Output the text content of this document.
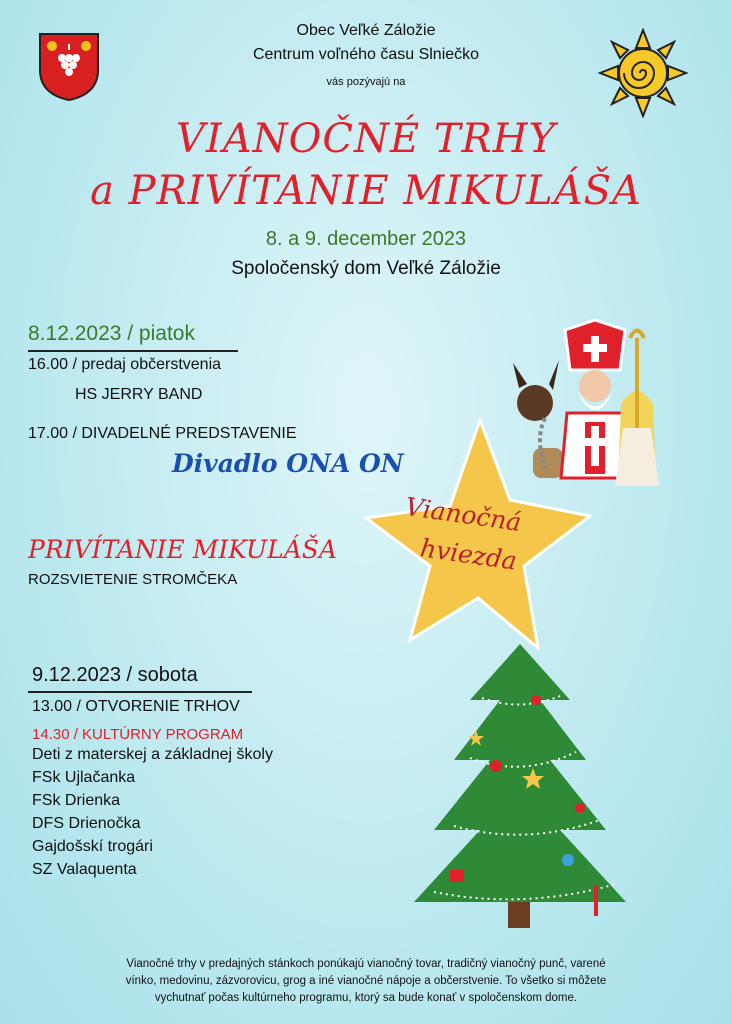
Obec Veľké Záložie
Centrum voľného času Slniečko
vás pozývajú na
VIANOČNÉ TRHY
a PRIVÍTANIE MIKULÁŠA
8. a 9. december 2023
Spoločenský dom Veľké Záložie
8.12.2023 / piatok
16.00 / predaj občerstvenia
HS JERRY BAND
17.00 / DIVADELNÉ PREDSTAVENIE
Divadlo ONA ON
PRIVÍTANIE MIKULÁŠA
ROZSVIETENIE STROMČEKA
Vianočná
hviezda
9.12.2023 / sobota
13.00 / OTVORENIE TRHOV
14.30 / KULTÚRNY PROGRAM
Deti z materskej a základnej školy
FSk Ujlačanka
FSk Drienka
DFS Drienočka
Gajdošskí trogári
SZ Valaquenta
Vianočné trhy v predajných stánkoch ponúkajú vianočný tovar, tradičný vianočný punč, varené
vínko, medovinu, zázvorovicu, grog a iné vianočné nápoje a občerstvenie. To všetko si môžete
vychutnať počas kultúrneho programu, ktorý sa bude konať v spoločenskom dome.
